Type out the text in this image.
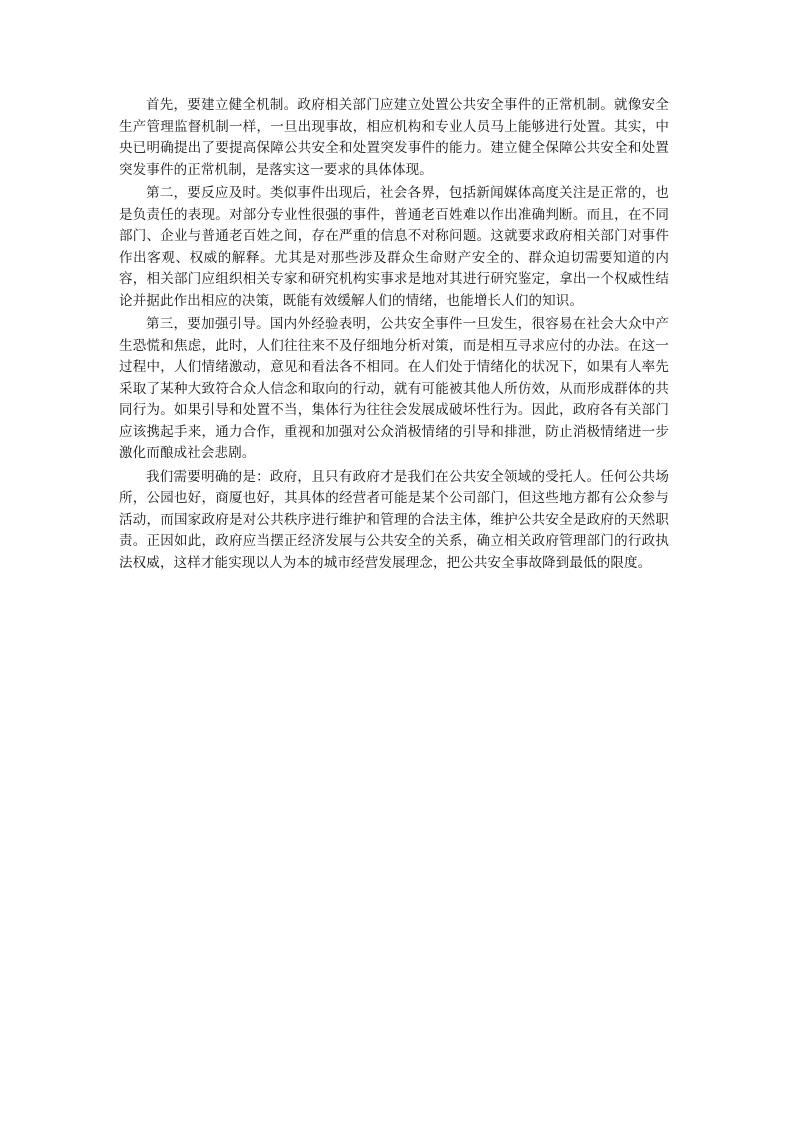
首先，要建立健全机制。政府相关部门应建立处置公共安全事件的正常机制。就像安全生产管理监督机制一样，一旦出现事故，相应机构和专业人员马上能够进行处置。其实，中央已明确提出了要提高保障公共安全和处置突发事件的能力。建立健全保障公共安全和处置突发事件的正常机制，是落实这一要求的具体体现。

第二，要反应及时。类似事件出现后，社会各界，包括新闻媒体高度关注是正常的，也是负责任的表现。对部分专业性很强的事件，普通老百姓难以作出准确判断。而且，在不同部门、企业与普通老百姓之间，存在严重的信息不对称问题。这就要求政府相关部门对事件作出客观、权威的解释。尤其是对那些涉及群众生命财产安全的、群众迫切需要知道的内容，相关部门应组织相关专家和研究机构实事求是地对其进行研究鉴定，拿出一个权威性结论并据此作出相应的决策，既能有效缓解人们的情绪，也能增长人们的知识。

第三，要加强引导。国内外经验表明，公共安全事件一旦发生，很容易在社会大众中产生恐慌和焦虑，此时，人们往往来不及仔细地分析对策，而是相互寻求应付的办法。在这一过程中，人们情绪激动，意见和看法各不相同。在人们处于情绪化的状况下，如果有人率先采取了某种大致符合众人信念和取向的行动，就有可能被其他人所仿效，从而形成群体的共同行为。如果引导和处置不当，集体行为往往会发展成破坏性行为。因此，政府各有关部门应该携起手来，通力合作，重视和加强对公众消极情绪的引导和排泄，防止消极情绪进一步激化而酿成社会悲剧。

我们需要明确的是：政府，且只有政府才是我们在公共安全领域的受托人。任何公共场所，公园也好，商厦也好，其具体的经营者可能是某个公司部门，但这些地方都有公众参与活动，而国家政府是对公共秩序进行维护和管理的合法主体，维护公共安全是政府的天然职责。正因如此，政府应当摆正经济发展与公共安全的关系，确立相关政府管理部门的行政执法权威，这样才能实现以人为本的城市经营发展理念，把公共安全事故降到最低的限度。
